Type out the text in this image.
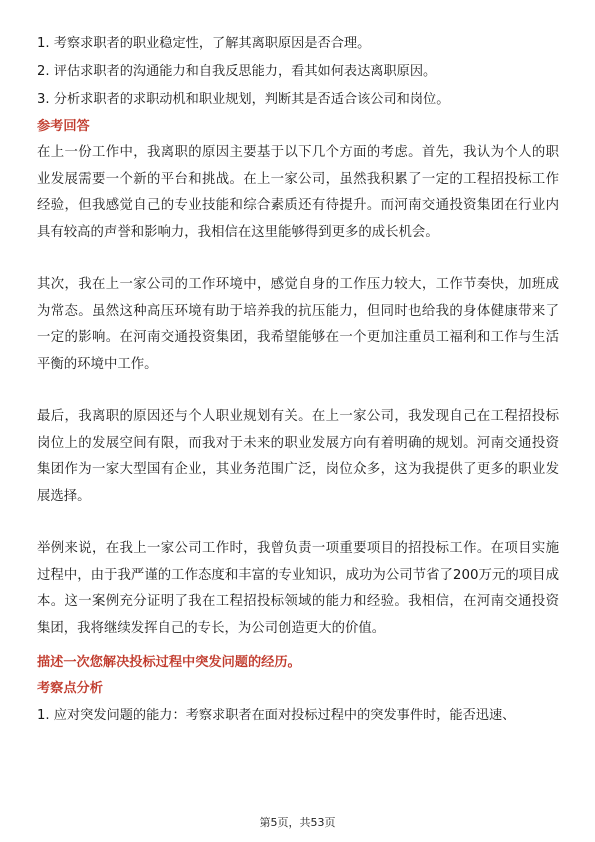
1. 考察求职者的职业稳定性，了解其离职原因是否合理。
2. 评估求职者的沟通能力和自我反思能力，看其如何表达离职原因。
3. 分析求职者的求职动机和职业规划，判断其是否适合该公司和岗位。
参考回答

在上一份工作中，我离职的原因主要基于以下几个方面的考虑。首先，我认为个人的职业发展需要一个新的平台和挑战。在上一家公司，虽然我积累了一定的工程招投标工作经验，但我感觉自己的专业技能和综合素质还有待提升。而河南交通投资集团在行业内具有较高的声誉和影响力，我相信在这里能够得到更多的成长机会。

其次，我在上一家公司的工作环境中，感觉自身的工作压力较大，工作节奏快，加班成为常态。虽然这种高压环境有助于培养我的抗压能力，但同时也给我的身体健康带来了一定的影响。在河南交通投资集团，我希望能够在一个更加注重员工福利和工作与生活平衡的环境中工作。

最后，我离职的原因还与个人职业规划有关。在上一家公司，我发现自己在工程招投标岗位上的发展空间有限，而我对于未来的职业发展方向有着明确的规划。河南交通投资集团作为一家大型国有企业，其业务范围广泛，岗位众多，这为我提供了更多的职业发展选择。

举例来说，在我上一家公司工作时，我曾负责一项重要项目的招投标工作。在项目实施过程中，由于我严谨的工作态度和丰富的专业知识，成功为公司节省了200万元的项目成本。这一案例充分证明了我在工程招投标领域的能力和经验。我相信，在河南交通投资集团，我将继续发挥自己的专长，为公司创造更大的价值。

描述一次您解决投标过程中突发问题的经历。
考察点分析
1. 应对突发问题的能力：考察求职者在面对投标过程中的突发事件时，能否迅速、
第5页，共53页
